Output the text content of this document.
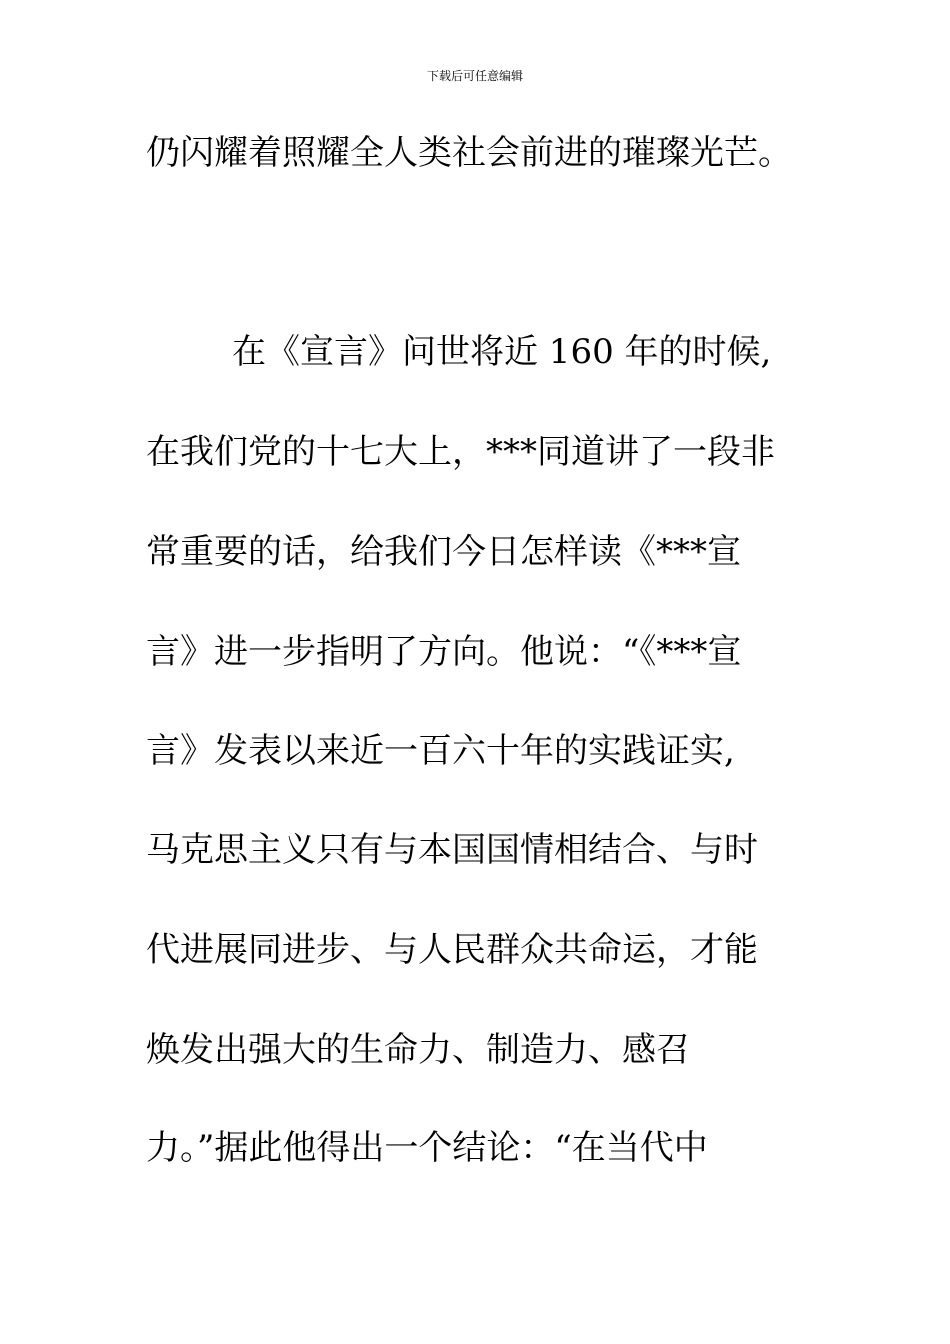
下载后可任意编辑

仍闪耀着照耀全人类社会前进的璀璨光芒。

在《宣言》问世将近 160 年的时候,

在我们党的十七大上，***同道讲了一段非

常重要的话，给我们今日怎样读《***宣

言》进一步指明了方向。他说：“《***宣

言》发表以来近一百六十年的实践证实,

马克思主义只有与本国国情相结合、与时

代进展同进步、与人民群众共命运，才能

焕发出强大的生命力、制造力、感召

力。”据此他得出一个结论：“在当代中
